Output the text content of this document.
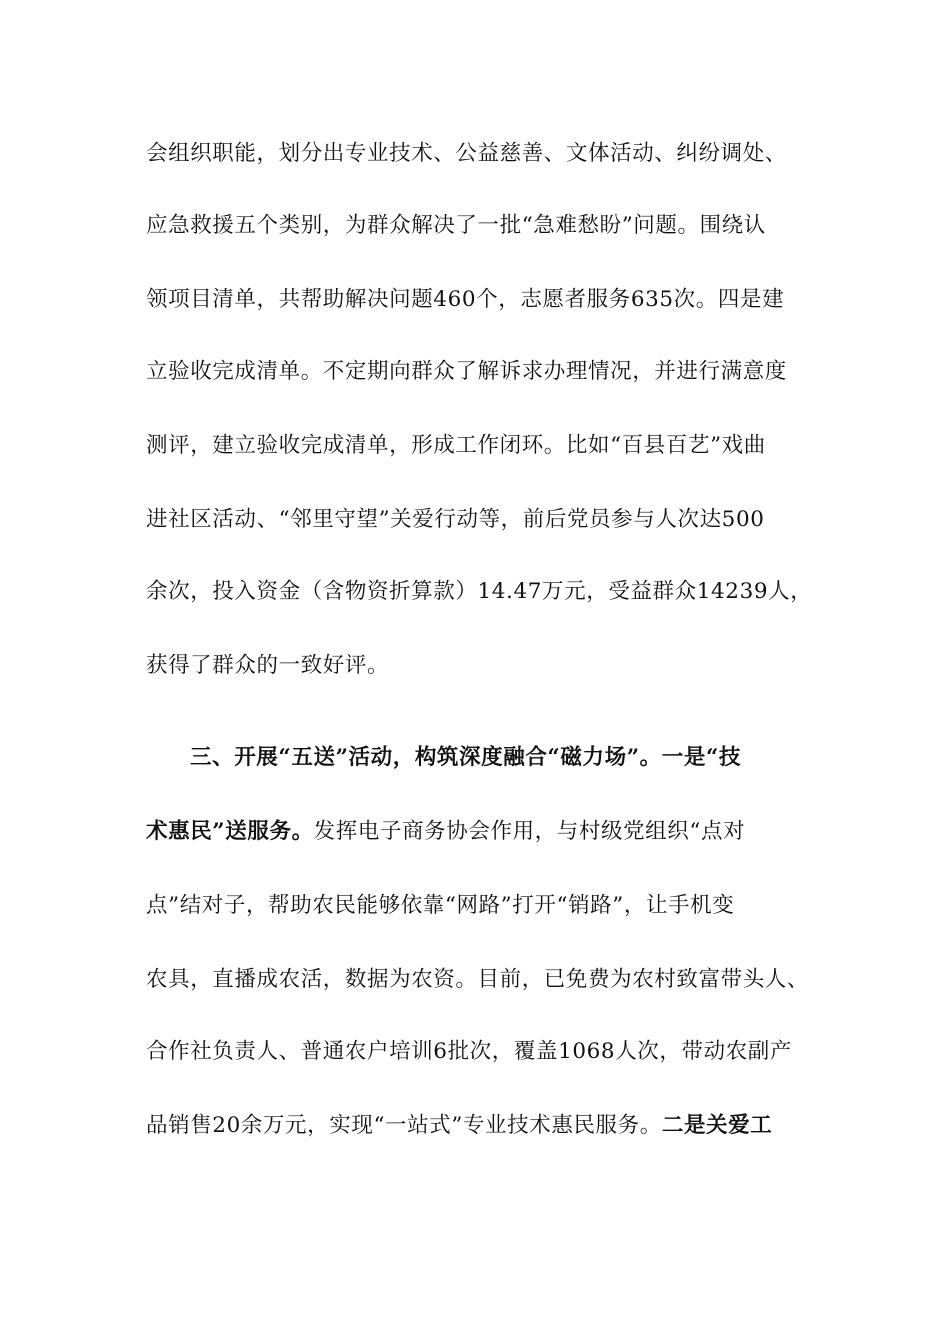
会组织职能，划分出专业技术、公益慈善、文体活动、纠纷调处、
应急救援五个类别，为群众解决了一批“急难愁盼”问题。围绕认
领项目清单，共帮助解决问题460个，志愿者服务635次。四是建
立验收完成清单。不定期向群众了解诉求办理情况，并进行满意度
测评，建立验收完成清单，形成工作闭环。比如“百县百艺”戏曲
进社区活动、“邻里守望”关爱行动等，前后党员参与人次达500
余次，投入资金（含物资折算款）14.47万元，受益群众14239人，
获得了群众的一致好评。
三、开展“五送”活动，构筑深度融合“磁力场”。一是“技
术惠民”送服务。发挥电子商务协会作用，与村级党组织“点对
点”结对子，帮助农民能够依靠“网路”打开“销路”，让手机变
农具，直播成农活，数据为农资。目前，已免费为农村致富带头人、
合作社负责人、普通农户培训6批次，覆盖1068人次，带动农副产
品销售20余万元，实现“一站式”专业技术惠民服务。二是关爱工
